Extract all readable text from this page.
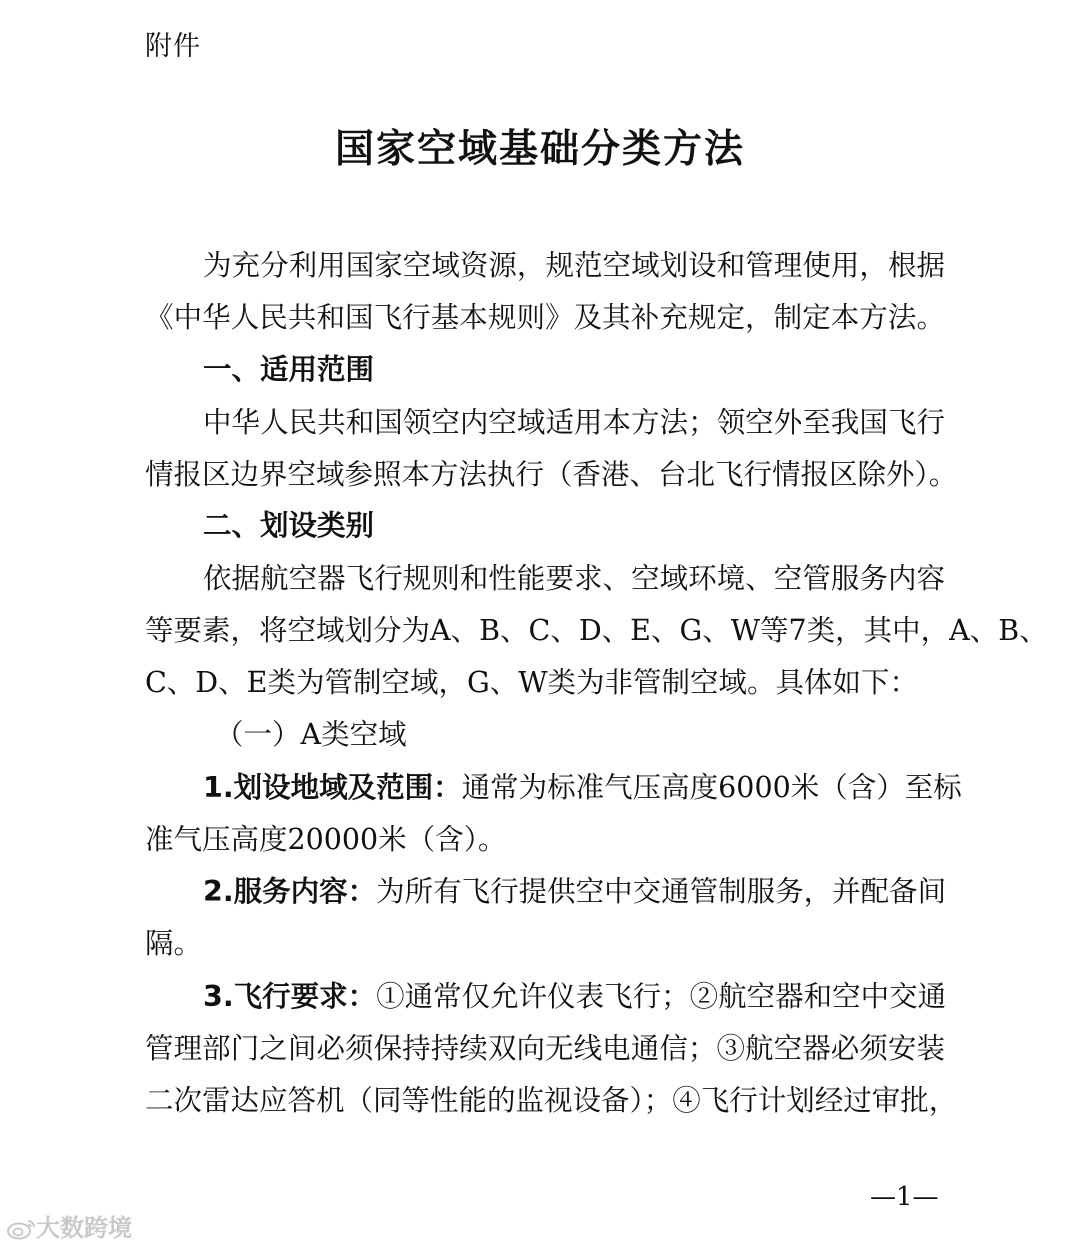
附件
国家空域基础分类方法
为充分利用国家空域资源，规范空域划设和管理使用，根据
《中华人民共和国飞行基本规则》及其补充规定，制定本方法。
一、适用范围
中华人民共和国领空内空域适用本方法；领空外至我国飞行
情报区边界空域参照本方法执行（香港、台北飞行情报区除外）。
二、划设类别
依据航空器飞行规则和性能要求、空域环境、空管服务内容
等要素，将空域划分为A、B、C、D、E、G、W等7类，其中，A、B、
C、D、E类为管制空域，G、W类为非管制空域。具体如下：
（一）A类空域
1.划设地域及范围：通常为标准气压高度6000米（含）至标
准气压高度20000米（含）。
2.服务内容：为所有飞行提供空中交通管制服务，并配备间
隔。
3.飞行要求：①通常仅允许仪表飞行；②航空器和空中交通
管理部门之间必须保持持续双向无线电通信；③航空器必须安装
二次雷达应答机（同等性能的监视设备）；④飞行计划经过审批，
—1—
大数跨境
